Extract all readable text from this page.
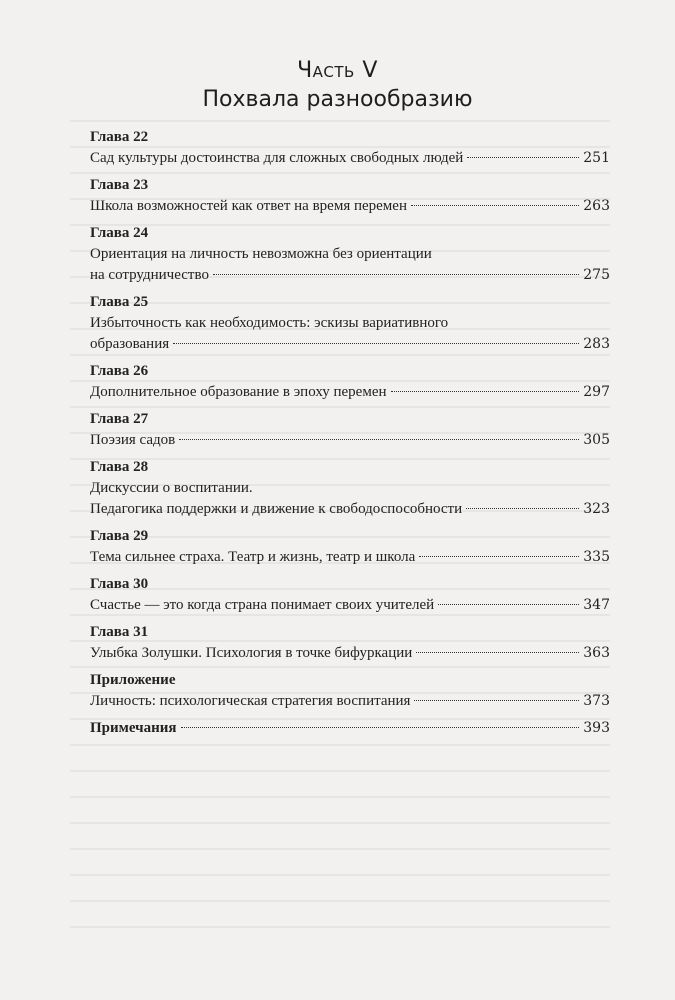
Часть V
Похвала разнообразию
Глава 22
Сад культуры достоинства для сложных свободных людей	251
Глава 23
Школа возможностей как ответ на время перемен	263
Глава 24
Ориентация на личность невозможна без ориентации
на сотрудничество	275
Глава 25
Избыточность как необходимость: эскизы вариативного
образования	283
Глава 26
Дополнительное образование в эпоху перемен	297
Глава 27
Поэзия садов	305
Глава 28
Дискуссии о воспитании.
Педагогика поддержки и движение к свободоспособности	323
Глава 29
Тема сильнее страха. Театр и жизнь, театр и школа	335
Глава 30
Счастье — это когда страна понимает своих учителей	347
Глава 31
Улыбка Золушки. Психология в точке бифуркации	363
Приложение
Личность: психологическая стратегия воспитания	373
Примечания	393
